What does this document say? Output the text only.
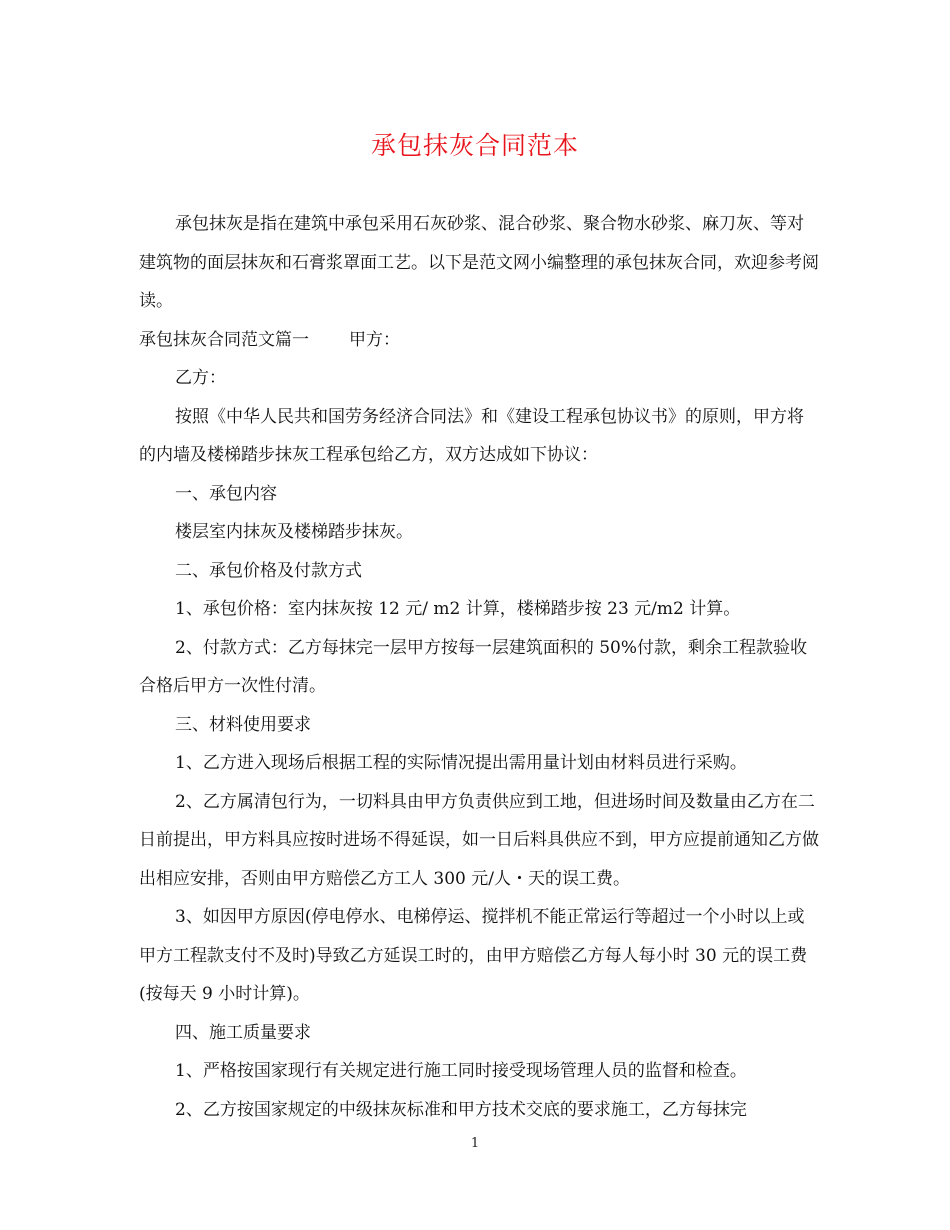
承包抹灰合同范本

承包抹灰是指在建筑中承包采用石灰砂浆、混合砂浆、聚合物水砂浆、麻刀灰、等对建筑物的面层抹灰和石膏浆罩面工艺。以下是范文网小编整理的承包抹灰合同，欢迎参考阅读。

承包抹灰合同范文篇一 甲方：

乙方：

按照《中华人民共和国劳务经济合同法》和《建设工程承包协议书》的原则，甲方将 的内墙及楼梯踏步抹灰工程承包给乙方，双方达成如下协议：

一、承包内容

楼层室内抹灰及楼梯踏步抹灰。

二、承包价格及付款方式

1、承包价格：室内抹灰按 12 元/ m2 计算，楼梯踏步按 23 元/m2 计算。

2、付款方式：乙方每抹完一层甲方按每一层建筑面积的 50%付款，剩余工程款验收合格后甲方一次性付清。

三、材料使用要求

1、乙方进入现场后根据工程的实际情况提出需用量计划由材料员进行采购。

2、乙方属清包行为，一切料具由甲方负责供应到工地，但进场时间及数量由乙方在二日前提出，甲方料具应按时进场不得延误，如一日后料具供应不到，甲方应提前通知乙方做出相应安排，否则由甲方赔偿乙方工人 300 元/人・天的误工费。

3、如因甲方原因(停电停水、电梯停运、搅拌机不能正常运行等超过一个小时以上或甲方工程款支付不及时)导致乙方延误工时的，由甲方赔偿乙方每人每小时 30 元的误工费(按每天 9 小时计算)。

四、施工质量要求

1、严格按国家现行有关规定进行施工同时接受现场管理人员的监督和检查。

2、乙方按国家规定的中级抹灰标准和甲方技术交底的要求施工，乙方每抹完

1
